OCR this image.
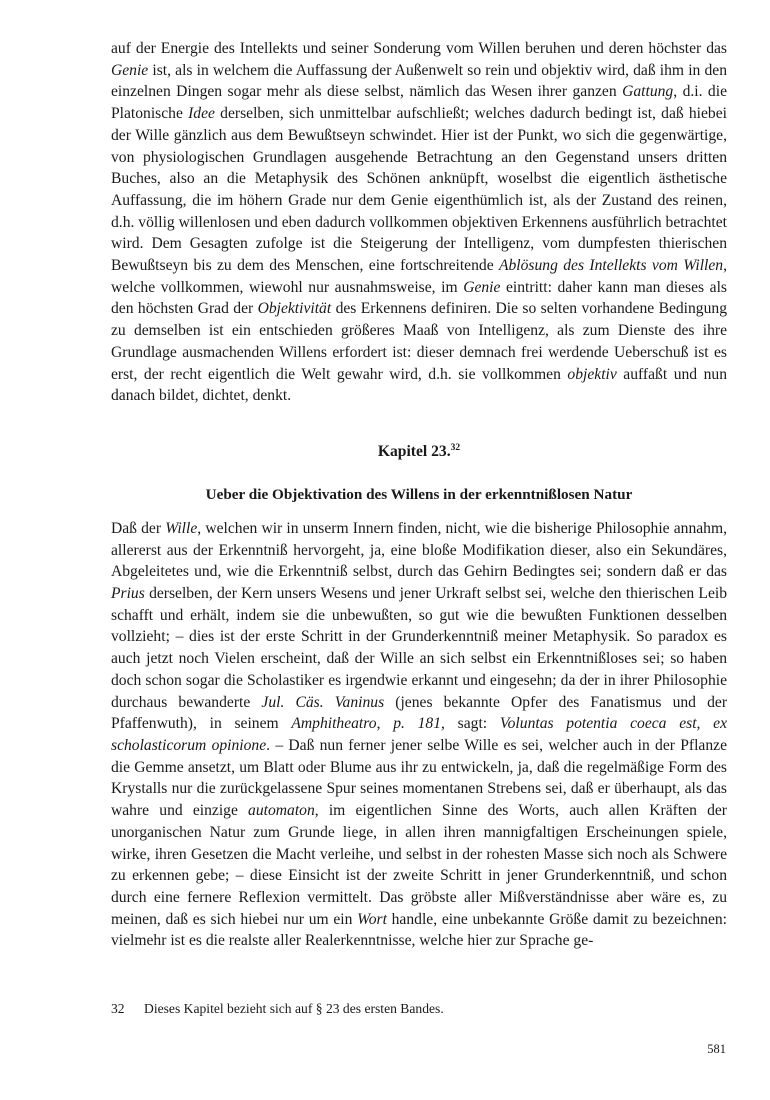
auf der Energie des Intellekts und seiner Sonderung vom Willen beruhen und deren höchster das Genie ist, als in welchem die Auffassung der Außenwelt so rein und objektiv wird, daß ihm in den einzelnen Dingen sogar mehr als diese selbst, nämlich das Wesen ihrer ganzen Gattung, d.i. die Platonische Idee derselben, sich unmittelbar aufschließt; welches dadurch bedingt ist, daß hiebei der Wille gänzlich aus dem Bewußtseyn schwindet. Hier ist der Punkt, wo sich die gegenwärtige, von physiologischen Grundlagen ausgehende Betrachtung an den Gegenstand unsers dritten Buches, also an die Metaphysik des Schönen anknüpft, woselbst die eigentlich ästhetische Auffassung, die im höhern Grade nur dem Genie eigenthümlich ist, als der Zustand des reinen, d.h. völlig willenlosen und eben dadurch vollkommen objektiven Erkennens ausführlich betrachtet wird. Dem Gesagten zufolge ist die Steigerung der Intelligenz, vom dumpfesten thierischen Bewußtseyn bis zu dem des Menschen, eine fortschreitende Ablösung des Intellekts vom Willen, welche vollkommen, wiewohl nur ausnahmsweise, im Genie eintritt: daher kann man dieses als den höchsten Grad der Objektivität des Erkennens definiren. Die so selten vorhandene Bedingung zu demselben ist ein entschieden größeres Maaß von Intelligenz, als zum Dienste des ihre Grundlage ausmachenden Willens erfordert ist: dieser demnach frei werdende Ueberschuß ist es erst, der recht eigentlich die Welt gewahr wird, d.h. sie vollkommen objektiv auffaßt und nun danach bildet, dichtet, denkt.

Kapitel 23.32
Ueber die Objektivation des Willens in der erkenntnißlosen Natur

Daß der Wille, welchen wir in unserm Innern finden, nicht, wie die bisherige Philosophie annahm, allererst aus der Erkenntniß hervorgeht, ja, eine bloße Modifikation dieser, also ein Sekundäres, Abgeleitetes und, wie die Erkenntniß selbst, durch das Gehirn Bedingtes sei; sondern daß er das Prius derselben, der Kern unsers Wesens und jener Urkraft selbst sei, welche den thierischen Leib schafft und erhält, indem sie die unbewußten, so gut wie die bewußten Funktionen desselben vollzieht; – dies ist der erste Schritt in der Grunderkenntniß meiner Metaphysik. So paradox es auch jetzt noch Vielen erscheint, daß der Wille an sich selbst ein Erkenntnißloses sei; so haben doch schon sogar die Scholastiker es irgendwie erkannt und eingesehn; da der in ihrer Philosophie durchaus bewanderte Jul. Cäs. Vaninus (jenes bekannte Opfer des Fanatismus und der Pfaffenwuth), in seinem Amphitheatro, p. 181, sagt: Voluntas potentia coeca est, ex scholasticorum opinione. – Daß nun ferner jener selbe Wille es sei, welcher auch in der Pflanze die Gemme ansetzt, um Blatt oder Blume aus ihr zu entwickeln, ja, daß die regelmäßige Form des Krystalls nur die zurückgelassene Spur seines momentanen Strebens sei, daß er überhaupt, als das wahre und einzige automaton, im eigentlichen Sinne des Worts, auch allen Kräften der unorganischen Natur zum Grunde liege, in allen ihren mannigfaltigen Erscheinungen spiele, wirke, ihren Gesetzen die Macht verleihe, und selbst in der rohesten Masse sich noch als Schwere zu erkennen gebe; – diese Einsicht ist der zweite Schritt in jener Grunderkenntniß, und schon durch eine fernere Reflexion vermittelt. Das gröbste aller Mißverständnisse aber wäre es, zu meinen, daß es sich hiebei nur um ein Wort handle, eine unbekannte Größe damit zu bezeichnen: vielmehr ist es die realste aller Realerkenntnisse, welche hier zur Sprache ge-

32	Dieses Kapitel bezieht sich auf § 23 des ersten Bandes.
581
